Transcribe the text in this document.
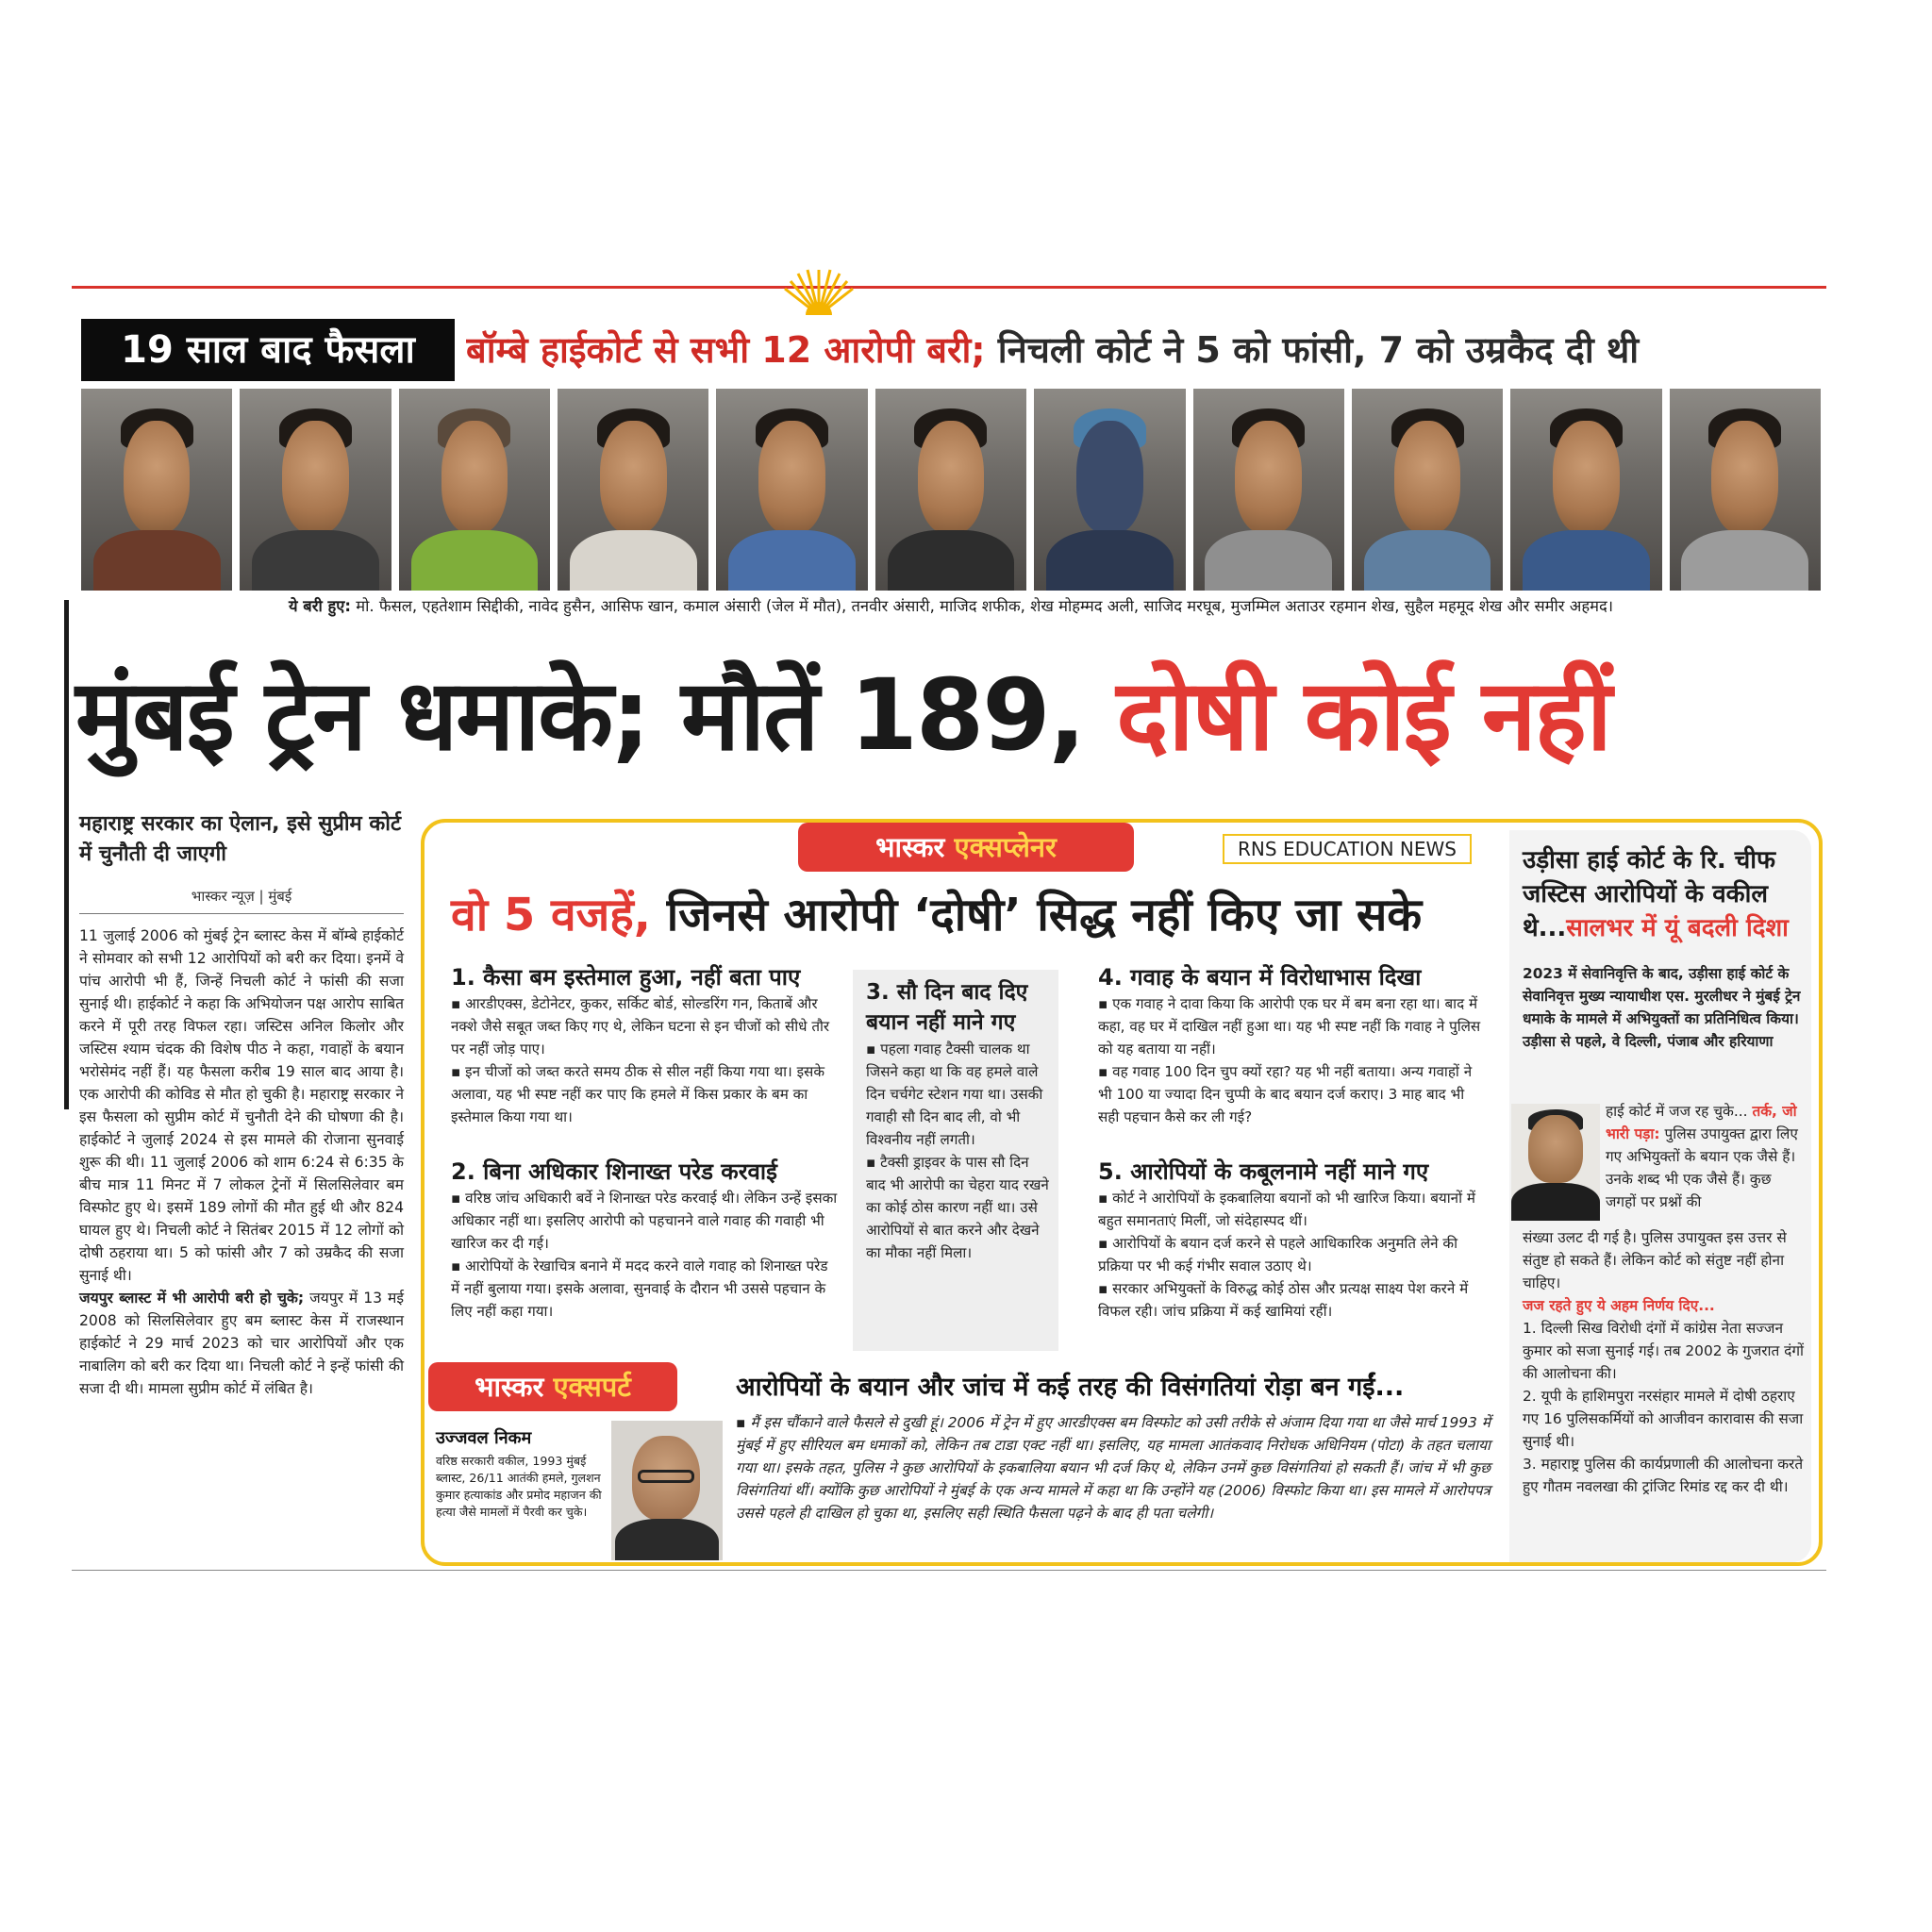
19 साल बाद फैसला	बॉम्बे हाईकोर्ट से सभी 12 आरोपी बरी; निचली कोर्ट ने 5 को फांसी, 7 को उम्रकैद दी थी
ये बरी हुए: मो. फैसल, एहतेशाम सिद्दीकी, नावेद हुसैन, आसिफ खान, कमाल अंसारी (जेल में मौत), तनवीर अंसारी, माजिद शफीक, शेख मोहम्मद अली, साजिद मरघूब, मुजम्मिल अताउर रहमान शेख, सुहैल महमूद शेख और समीर अहमद।
मुंबई ट्रेन धमाके; मौतें 189, दोषी कोई नहीं
महाराष्ट्र सरकार का ऐलान, इसे सुप्रीम कोर्ट में चुनौती दी जाएगी
भास्कर न्यूज़ | मुंबई

11 जुलाई 2006 को मुंबई ट्रेन ब्लास्ट केस में बॉम्बे हाईकोर्ट ने सोमवार को सभी 12 आरोपियों को बरी कर दिया। इनमें वे पांच आरोपी भी हैं, जिन्हें निचली कोर्ट ने फांसी की सजा सुनाई थी। हाईकोर्ट ने कहा कि अभियोजन पक्ष आरोप साबित करने में पूरी तरह विफल रहा। जस्टिस अनिल किलोर और जस्टिस श्याम चंदक की विशेष पीठ ने कहा, गवाहों के बयान भरोसेमंद नहीं हैं। यह फैसला करीब 19 साल बाद आया है। एक आरोपी की कोविड से मौत हो चुकी है। महाराष्ट्र सरकार ने इस फैसला को सुप्रीम कोर्ट में चुनौती देने की घोषणा की है। हाईकोर्ट ने जुलाई 2024 से इस मामले की रोजाना सुनवाई शुरू की थी। 11 जुलाई 2006 को शाम 6:24 से 6:35 के बीच मात्र 11 मिनट में 7 लोकल ट्रेनों में सिलसिलेवार बम विस्फोट हुए थे। इसमें 189 लोगों की मौत हुई थी और 824 घायल हुए थे। निचली कोर्ट ने सितंबर 2015 में 12 लोगों को दोषी ठहराया था। 5 को फांसी और 7 को उम्रकैद की सजा सुनाई थी।

जयपुर ब्लास्ट में भी आरोपी बरी हो चुके; जयपुर में 13 मई 2008 को सिलसिलेवार हुए बम ब्लास्ट केस में राजस्थान हाईकोर्ट ने 29 मार्च 2023 को चार आरोपियों और एक नाबालिग को बरी कर दिया था। निचली कोर्ट ने इन्हें फांसी की सजा दी थी। मामला सुप्रीम कोर्ट में लंबित है।

भास्कर एक्सप्लेनर	RNS EDUCATION NEWS
वो 5 वजहें, जिनसे आरोपी ‘दोषी’ सिद्ध नहीं किए जा सके
1. कैसा बम इस्तेमाल हुआ, नहीं बता पाए

▪ आरडीएक्स, डेटोनेटर, कुकर, सर्किट बोर्ड, सोल्डरिंग गन, किताबें और नक्शे जैसे सबूत जब्त किए गए थे, लेकिन घटना से इन चीजों को सीधे तौर पर नहीं जोड़ पाए।

▪ इन चीजों को जब्त करते समय ठीक से सील नहीं किया गया था। इसके अलावा, यह भी स्पष्ट नहीं कर पाए कि हमले में किस प्रकार के बम का इस्तेमाल किया गया था।

2. बिना अधिकार शिनाख्त परेड करवाई

▪ वरिष्ठ जांच अधिकारी बर्वे ने शिनाख्त परेड करवाई थी। लेकिन उन्हें इसका अधिकार नहीं था। इसलिए आरोपी को पहचानने वाले गवाह की गवाही भी खारिज कर दी गई।

▪ आरोपियों के रेखाचित्र बनाने में मदद करने वाले गवाह को शिनाख्त परेड में नहीं बुलाया गया। इसके अलावा, सुनवाई के दौरान भी उससे पहचान के लिए नहीं कहा गया।

3. सौ दिन बाद दिए बयान नहीं माने गए

▪ पहला गवाह टैक्सी चालक था जिसने कहा था कि वह हमले वाले दिन चर्चगेट स्टेशन गया था। उसकी गवाही सौ दिन बाद ली, वो भी विश्वनीय नहीं लगती।

▪ टैक्सी ड्राइवर के पास सौ दिन बाद भी आरोपी का चेहरा याद रखने का कोई ठोस कारण नहीं था। उसे आरोपियों से बात करने और देखने का मौका नहीं मिला।

4. गवाह के बयान में विरोधाभास दिखा

▪ एक गवाह ने दावा किया कि आरोपी एक घर में बम बना रहा था। बाद में कहा, वह घर में दाखिल नहीं हुआ था। यह भी स्पष्ट नहीं कि गवाह ने पुलिस को यह बताया या नहीं।

▪ वह गवाह 100 दिन चुप क्यों रहा? यह भी नहीं बताया। अन्य गवाहों ने भी 100 या ज्यादा दिन चुप्पी के बाद बयान दर्ज कराए। 3 माह बाद भी सही पहचान कैसे कर ली गई?

5. आरोपियों के कबूलनामे नहीं माने गए

▪ कोर्ट ने आरोपियों के इकबालिया बयानों को भी खारिज किया। बयानों में बहुत समानताएं मिलीं, जो संदेहास्पद थीं।

▪ आरोपियों के बयान दर्ज करने से पहले आधिकारिक अनुमति लेने की प्रक्रिया पर भी कई गंभीर सवाल उठाए थे।

▪ सरकार अभियुक्तों के विरुद्ध कोई ठोस और प्रत्यक्ष साक्ष्य पेश करने में विफल रही। जांच प्रक्रिया में कई खामियां रहीं।

भास्कर एक्सपर्ट
उज्जवल निकम
वरिष्ठ सरकारी वकील, 1993 मुंबई ब्लास्ट, 26/11 आतंकी हमले, गुलशन कुमार हत्याकांड और प्रमोद महाजन की हत्या जैसे मामलों में पैरवी कर चुके।
आरोपियों के बयान और जांच में कई तरह की विसंगतियां रोड़ा बन गईं...
▪ मैं इस चौंकाने वाले फैसले से दुखी हूं। 2006 में ट्रेन में हुए आरडीएक्स बम विस्फोट को उसी तरीके से अंजाम दिया गया था जैसे मार्च 1993 में मुंबई में हुए सीरियल बम धमाकों को, लेकिन तब टाडा एक्ट नहीं था। इसलिए, यह मामला आतंकवाद निरोधक अधिनियम (पोटा) के तहत चलाया गया था। इसके तहत, पुलिस ने कुछ आरोपियों के इकबालिया बयान भी दर्ज किए थे, लेकिन उनमें कुछ विसंगतियां हो सकती हैं। जांच में भी कुछ विसंगतियां थीं। क्योंकि कुछ आरोपियों ने मुंबई के एक अन्य मामले में कहा था कि उन्होंने यह (2006) विस्फोट किया था। इस मामले में आरोपपत्र उससे पहले ही दाखिल हो चुका था, इसलिए सही स्थिति फैसला पढ़ने के बाद ही पता चलेगी।
उड़ीसा हाई कोर्ट के रि. चीफ जस्टिस आरोपियों के वकील थे...सालभर में यूं बदली दिशा
2023 में सेवानिवृत्ति के बाद, उड़ीसा हाई कोर्ट के सेवानिवृत्त मुख्य न्यायाधीश एस. मुरलीधर ने मुंबई ट्रेन धमाके के मामले में अभियुक्तों का प्रतिनिधित्व किया। उड़ीसा से पहले, वे दिल्ली, पंजाब और हरियाणा
हाई कोर्ट में जज रह चुके... तर्क, जो भारी पड़ा: पुलिस उपायुक्त द्वारा लिए गए अभियुक्तों के बयान एक जैसे हैं। उनके शब्द भी एक जैसे हैं। कुछ जगहों पर प्रश्नों की

संख्या उलट दी गई है। पुलिस उपायुक्त इस उत्तर से संतुष्ट हो सकते हैं। लेकिन कोर्ट को संतुष्ट नहीं होना चाहिए।

जज रहते हुए ये अहम निर्णय दिए...

1. दिल्ली सिख विरोधी दंगों में कांग्रेस नेता सज्जन कुमार को सजा सुनाई गई। तब 2002 के गुजरात दंगों की आलोचना की।

2. यूपी के हाशिमपुरा नरसंहार मामले में दोषी ठहराए गए 16 पुलिसकर्मियों को आजीवन कारावास की सजा सुनाई थी।

3. महाराष्ट्र पुलिस की कार्यप्रणाली की आलोचना करते हुए गौतम नवलखा की ट्रांजिट रिमांड रद्द कर दी थी।
